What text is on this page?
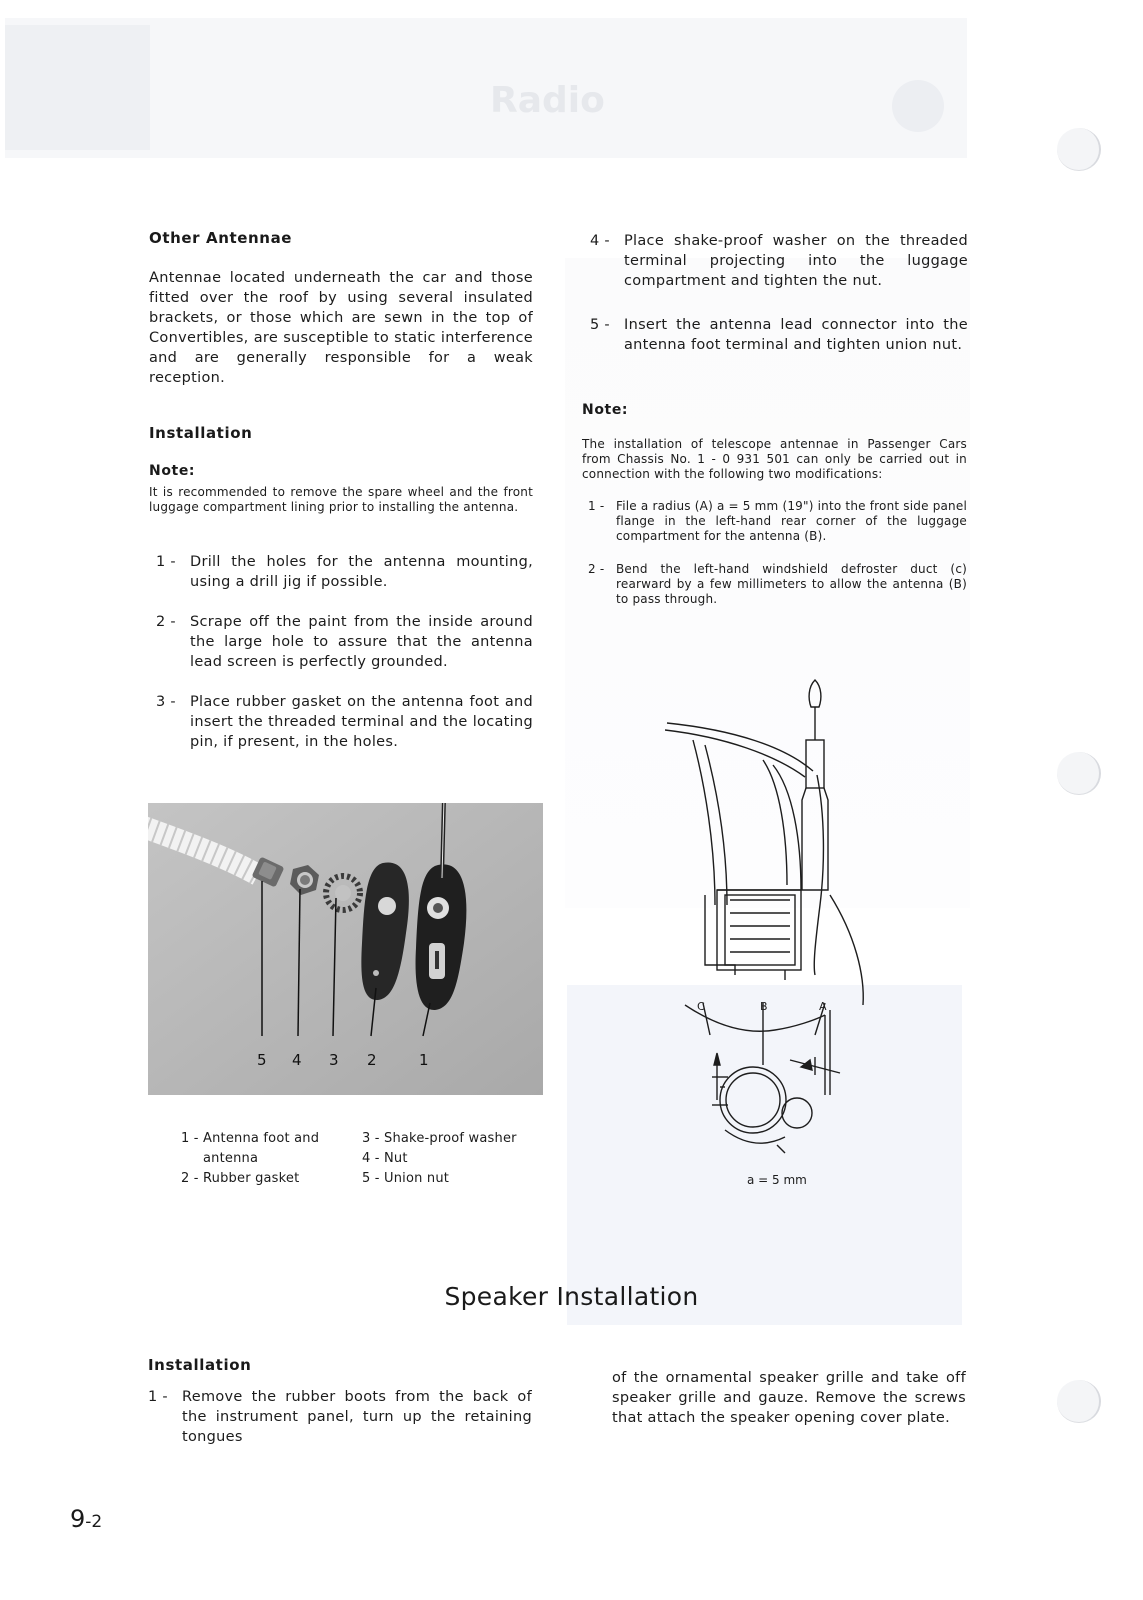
Radio
Other Antennae
Antennae located underneath the car and those fitted over the roof by using several insulated brackets, or those which are sewn in the top of Convertibles, are susceptible to static interference and are generally responsible for a weak reception.
Installation
Note:
It is recommended to remove the spare wheel and the front luggage compartment lining prior to installing the antenna.
1 - Drill the holes for the antenna mounting, using a drill jig if possible.
2 - Scrape off the paint from the inside around the large hole to assure that the antenna lead screen is perfectly grounded.
3 - Place rubber gasket on the antenna foot and insert the threaded terminal and the locating pin, if present, in the holes.
5 4 3 2	1
1 - Antenna foot and antenna
2 - Rubber gasket
3 - Shake-proof washer
4 - Nut
5 - Union nut
4 - Place shake-proof washer on the threaded terminal projecting into the luggage compartment and tighten the nut.
5 - Insert the antenna lead connector into the antenna foot terminal and tighten union nut.
Note:
The installation of telescope antennae in Passenger Cars from Chassis No. 1 - 0 931 501 can only be carried out in connection with the following two modifications:
1 - File a radius (A) a = 5 mm (19") into the front side panel flange in the left-hand rear corner of the luggage compartment for the antenna (B).
2 - Bend the left-hand windshield defroster duct (c) rearward by a few millimeters to allow the antenna (B) to pass through.
C	B	A
a = 5 mm
Speaker Installation
Installation
1 - Remove the rubber boots from the back of the instrument panel, turn up the retaining tongues
of the ornamental speaker grille and take off speaker grille and gauze. Remove the screws that attach the speaker opening cover plate.
9-2
